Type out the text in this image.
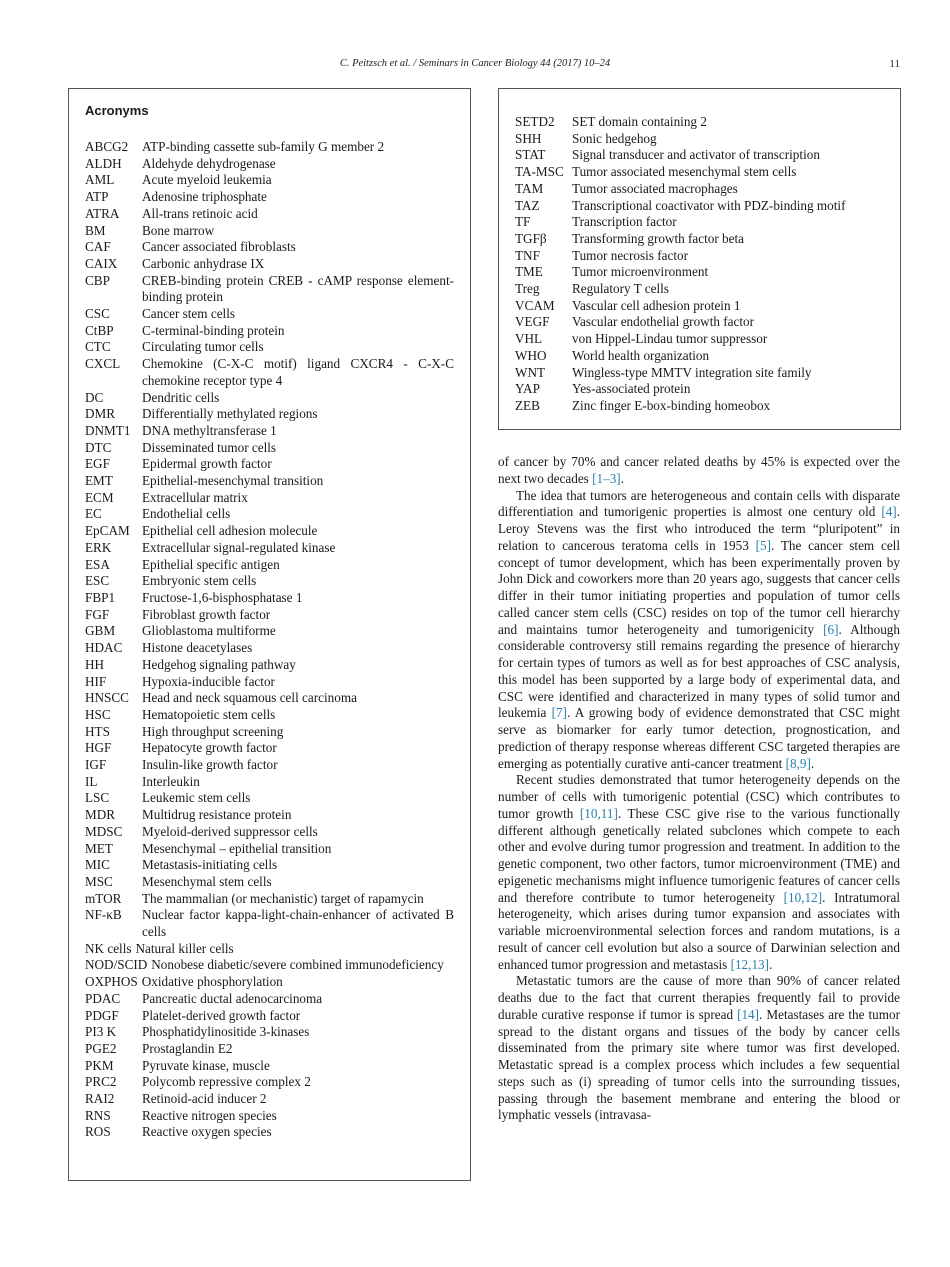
C. Peitzsch et al. / Seminars in Cancer Biology 44 (2017) 10–24	11
Acronyms
ABCG2	ATP-binding cassette sub-family G member 2
ALDH	Aldehyde dehydrogenase
AML	Acute myeloid leukemia
ATP	Adenosine triphosphate
ATRA	All-trans retinoic acid
BM	Bone marrow
CAF	Cancer associated fibroblasts
CAIX	Carbonic anhydrase IX
CBP	CREB-binding protein CREB - cAMP response element-binding protein
CSC	Cancer stem cells
CtBP	C-terminal-binding protein
CTC	Circulating tumor cells
CXCL	Chemokine (C-X-C motif) ligand CXCR4 - C-X-C chemokine receptor type 4
DC	Dendritic cells
DMR	Differentially methylated regions
DNMT1 DNA methyltransferase 1
DTC	Disseminated tumor cells
EGF	Epidermal growth factor
EMT	Epithelial-mesenchymal transition
ECM	Extracellular matrix
EC	Endothelial cells
EpCAM Epithelial cell adhesion molecule
ERK	Extracellular signal-regulated kinase
ESA	Epithelial specific antigen
ESC	Embryonic stem cells
FBP1	Fructose-1,6-bisphosphatase 1
FGF	Fibroblast growth factor
GBM	Glioblastoma multiforme
HDAC	Histone deacetylases
HH	Hedgehog signaling pathway
HIF	Hypoxia-inducible factor
HNSCC Head and neck squamous cell carcinoma
HSC	Hematopoietic stem cells
HTS	High throughput screening
HGF	Hepatocyte growth factor
IGF	Insulin-like growth factor
IL	Interleukin
LSC	Leukemic stem cells
MDR	Multidrug resistance protein
MDSC	Myeloid-derived suppressor cells
MET	Mesenchymal – epithelial transition
MIC	Metastasis-initiating cells
MSC	Mesenchymal stem cells
mTOR	The mammalian (or mechanistic) target of rapamycin
NF-κB	Nuclear factor kappa-light-chain-enhancer of activated B cells
NK cells Natural killer cells
NOD/SCID Nonobese diabetic/severe combined immunodeficiency
OXPHOS Oxidative phosphorylation
PDAC	Pancreatic ductal adenocarcinoma
PDGF	Platelet-derived growth factor
PI3 K	Phosphatidylinositide 3-kinases
PGE2	Prostaglandin E2
PKM	Pyruvate kinase, muscle
PRC2	Polycomb repressive complex 2
RAI2	Retinoid-acid inducer 2
RNS	Reactive nitrogen species
ROS	Reactive oxygen species
SETD2	SET domain containing 2
SHH	Sonic hedgehog
STAT	Signal transducer and activator of transcription
TA-MSC Tumor associated mesenchymal stem cells
TAM	Tumor associated macrophages
TAZ	Transcriptional coactivator with PDZ-binding motif
TF	Transcription factor
TGFβ	Transforming growth factor beta
TNF	Tumor necrosis factor
TME	Tumor microenvironment
Treg	Regulatory T cells
VCAM	Vascular cell adhesion protein 1
VEGF	Vascular endothelial growth factor
VHL	von Hippel-Lindau tumor suppressor
WHO	World health organization
WNT	Wingless-type MMTV integration site family
YAP	Yes-associated protein
ZEB	Zinc finger E-box-binding homeobox

of cancer by 70% and cancer related deaths by 45% is expected over the next two decades [1–3].

The idea that tumors are heterogeneous and contain cells with disparate differentiation and tumorigenic properties is almost one century old [4]. Leroy Stevens was the first who introduced the term “pluripotent” in relation to cancerous teratoma cells in 1953 [5]. The cancer stem cell concept of tumor development, which has been experimentally proven by John Dick and coworkers more than 20 years ago, suggests that cancer cells differ in their tumor initiating properties and population of tumor cells called cancer stem cells (CSC) resides on top of the tumor cell hierarchy and maintains tumor heterogeneity and tumorigenicity [6]. Although considerable controversy still remains regarding the presence of hierarchy for certain types of tumors as well as for best approaches of CSC analysis, this model has been supported by a large body of experimental data, and CSC were identified and characterized in many types of solid tumor and leukemia [7]. A growing body of evidence demonstrated that CSC might serve as biomarker for early tumor detection, prognostication, and prediction of therapy response whereas different CSC targeted therapies are emerging as potentially curative anti-cancer treatment [8,9].

Recent studies demonstrated that tumor heterogeneity depends on the number of cells with tumorigenic potential (CSC) which contributes to tumor growth [10,11]. These CSC give rise to the various functionally different although genetically related subclones which compete to each other and evolve during tumor progression and treatment. In addition to the genetic component, two other factors, tumor microenvironment (TME) and epigenetic mechanisms might influence tumorigenic features of cancer cells and therefore contribute to tumor heterogeneity [10,12]. Intratumoral heterogeneity, which arises during tumor expansion and associates with variable microenvironmental selection forces and random mutations, is a result of cancer cell evolution but also a source of Darwinian selection and enhanced tumor progression and metastasis [12,13].

Metastatic tumors are the cause of more than 90% of cancer related deaths due to the fact that current therapies frequently fail to provide durable curative response if tumor is spread [14]. Metastases are the tumor spread to the distant organs and tissues of the body by cancer cells disseminated from the primary site where tumor was first developed. Metastatic spread is a complex process which includes a few sequential steps such as (i) spreading of tumor cells into the surrounding tissues, passing through the basement membrane and entering the blood or lymphatic vessels (intravasa-
